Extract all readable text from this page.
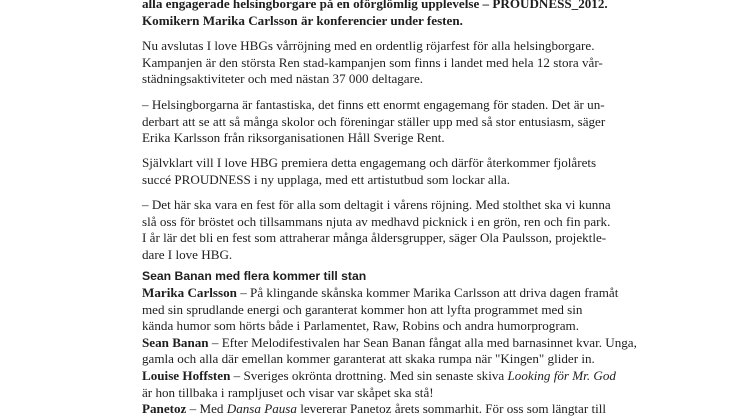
alla engagerade helsingborgare på en oförglömlig upplevelse – PROUDNESS_2012.
Komikern Marika Carlsson är konferencier under festen.
Nu avslutas I love HBGs vårröjning med en ordentlig röjarfest för alla helsingborgare.
Kampanjen är den största Ren stad-kampanjen som finns i landet med hela 12 stora vår-
städningsaktiviteter och med nästan 37 000 deltagare.
– Helsingborgarna är fantastiska, det finns ett enormt engagemang för staden. Det är un-
derbart att se att så många skolor och föreningar ställer upp med så stor entusiasm, säger
Erika Karlsson från riksorganisationen Håll Sverige Rent.
Självklart vill I love HBG premiera detta engagemang och därför återkommer fjolårets
succé PROUDNESS i ny upplaga, med ett artistutbud som lockar alla.
– Det här ska vara en fest för alla som deltagit i vårens röjning. Med stolthet ska vi kunna
slå oss för bröstet och tillsammans njuta av medhavd picknick i en grön, ren och fin park.
I år lär det bli en fest som attraherar många åldersgrupper, säger Ola Paulsson, projektle-
dare I love HBG.
Sean Banan med flera kommer till stan
Marika Carlsson – På klingande skånska kommer Marika Carlsson att driva dagen framåt
med sin sprudlande energi och garanterat kommer hon att lyfta programmet med sin
kända humor som hörts både i Parlamentet, Raw, Robins och andra humorprogram.
Sean Banan – Efter Melodifestivalen har Sean Banan fångat alla med barnasinnet kvar. Unga,
gamla och alla där emellan kommer garanterat att skaka rumpa när "Kingen" glider in.
Louise Hoffsten – Sveriges okrönta drottning. Med sin senaste skiva Looking för Mr. God
är hon tillbaka i rampljuset och visar var skåpet ska stå!
Panetoz – Med Dansa Pausa levererar Panetoz årets sommarhit. För oss som längtar till
